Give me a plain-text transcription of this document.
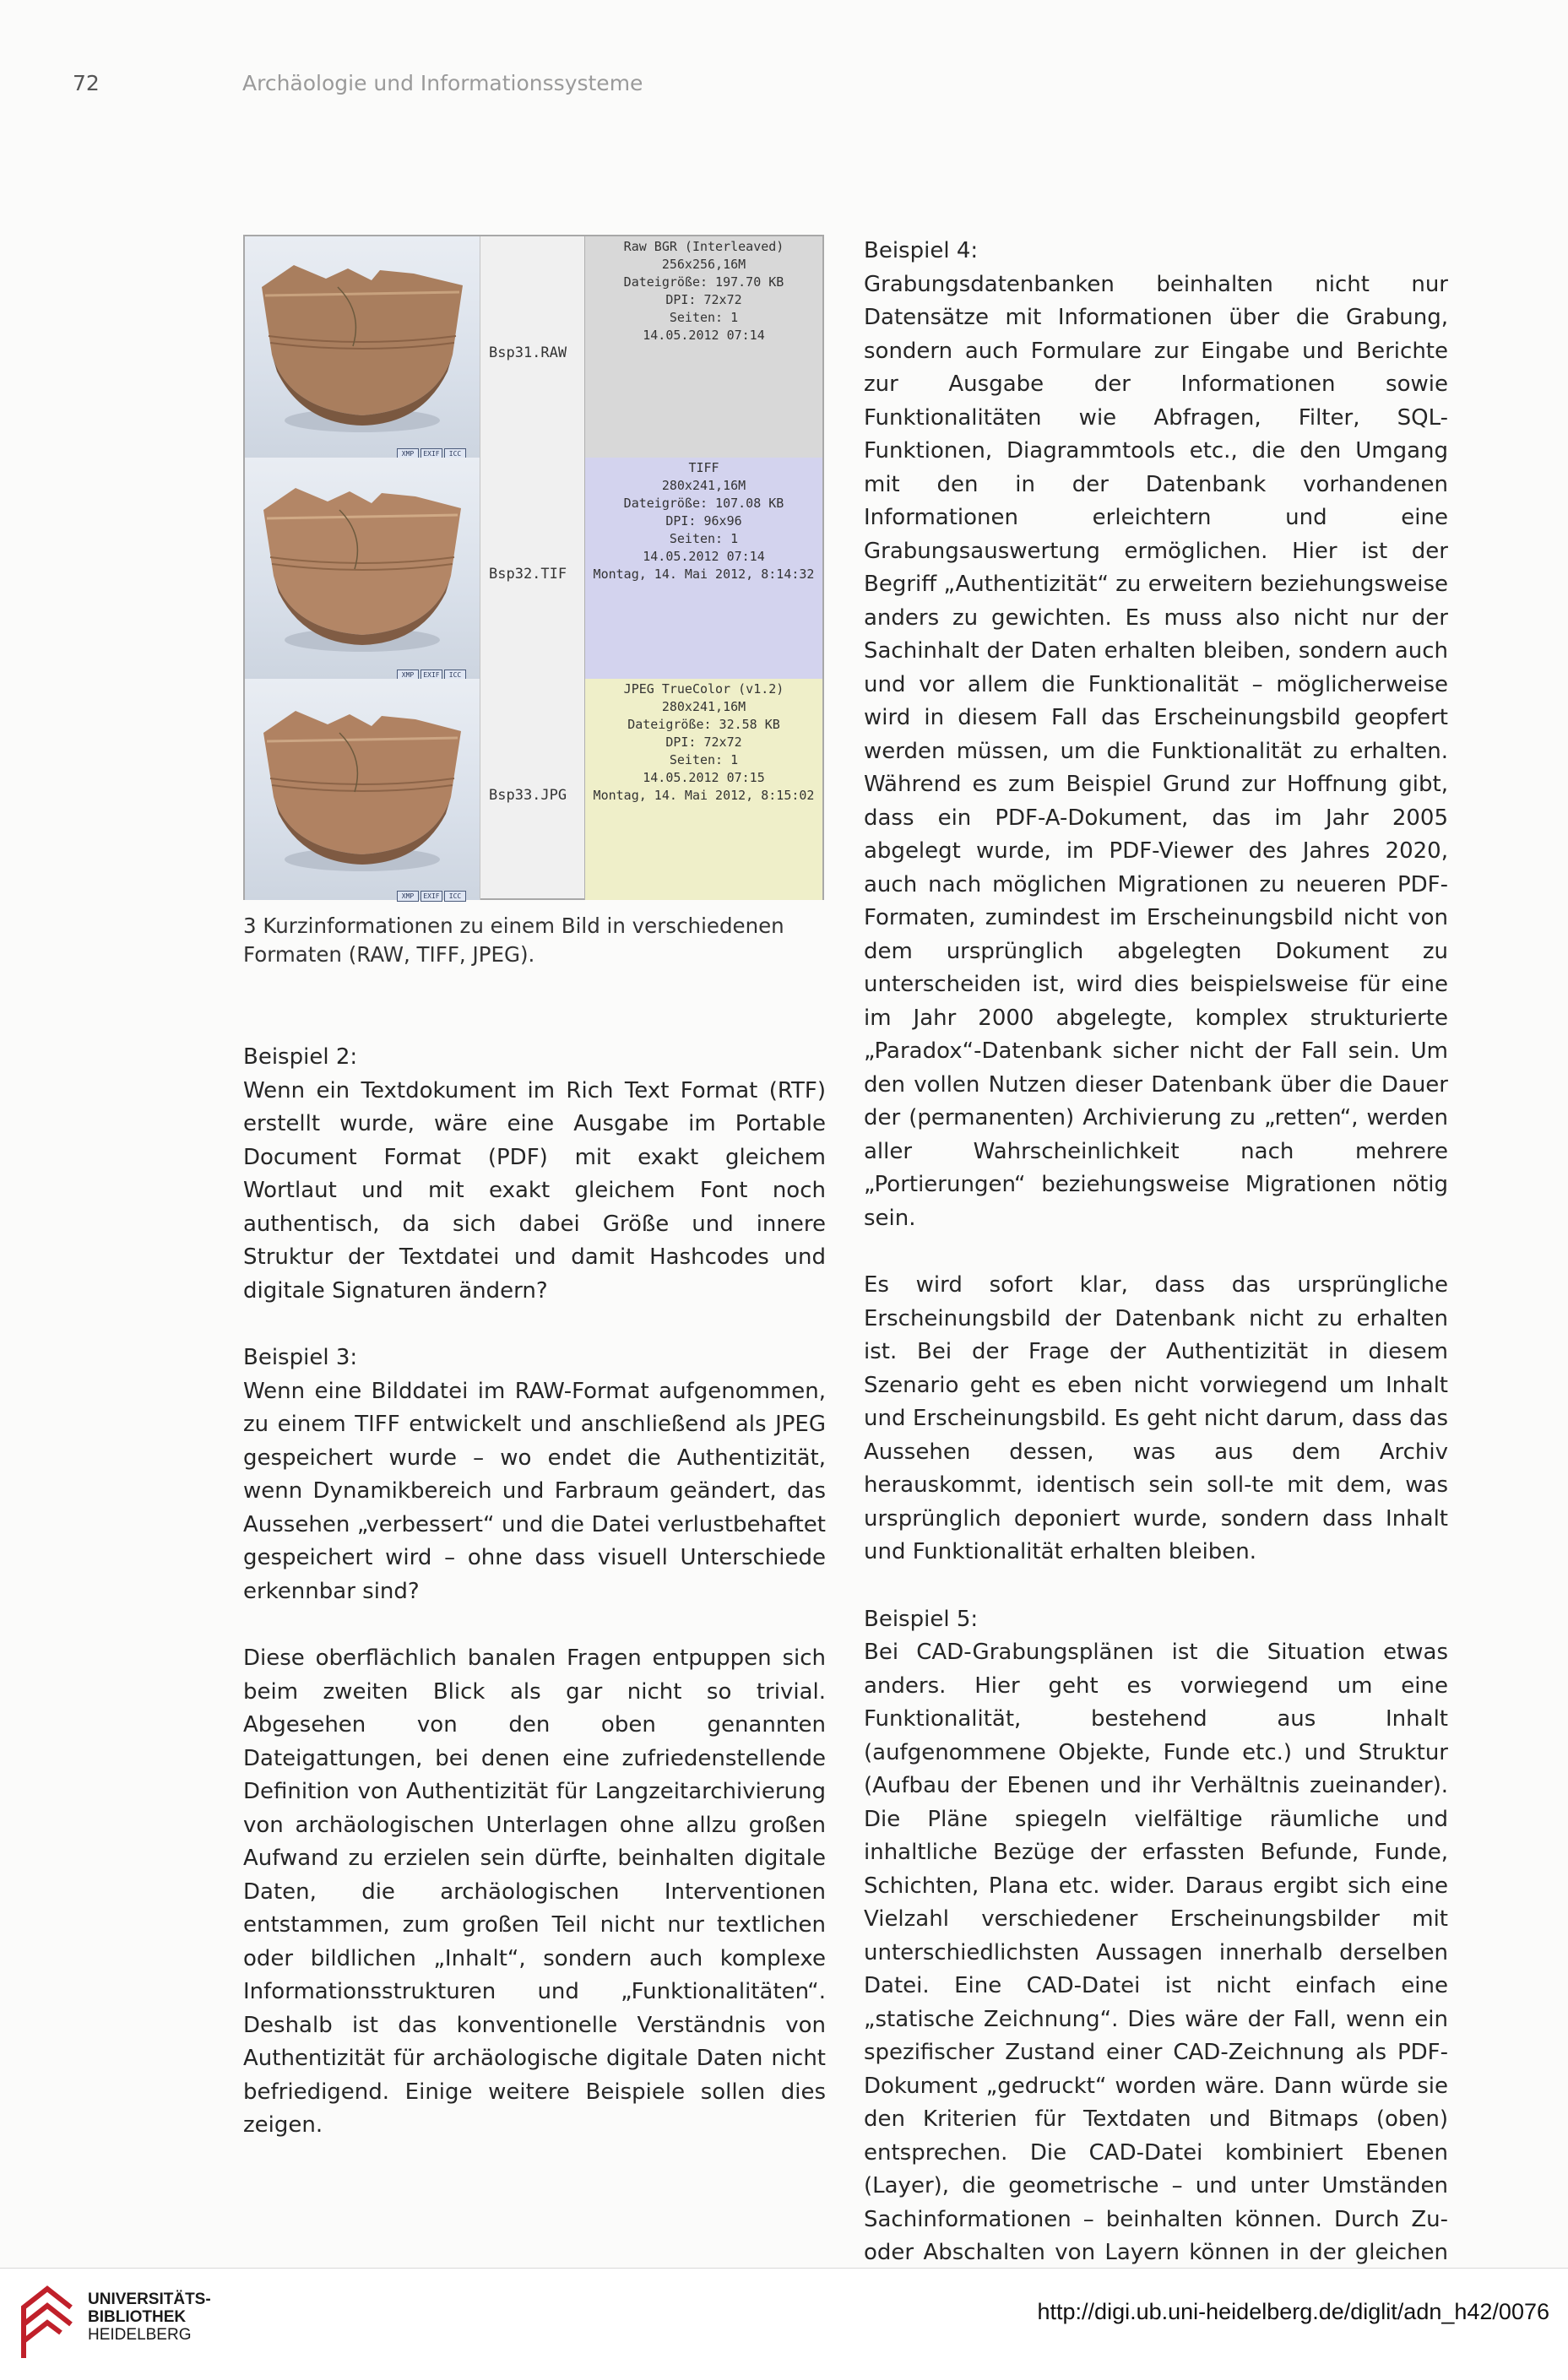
72	Archäologie und Informationssysteme
XMP EXIF ICC
Bsp31.RAW
Raw BGR (Interleaved)
256x256,16M
Dateigröße: 197.70 KB
DPI: 72x72
Seiten: 1
14.05.2012 07:14
XMP EXIF ICC
Bsp32.TIF
TIFF
280x241,16M
Dateigröße: 107.08 KB
DPI: 96x96
Seiten: 1
14.05.2012 07:14
Montag, 14. Mai 2012, 8:14:32
XMP EXIF ICC
Bsp33.JPG
JPEG TrueColor (v1.2)
280x241,16M
Dateigröße: 32.58 KB
DPI: 72x72
Seiten: 1
14.05.2012 07:15
Montag, 14. Mai 2012, 8:15:02
3 Kurzinformationen zu einem Bild in verschiedenen Formaten (RAW, TIFF, JPEG).

Beispiel 2:
Wenn ein Textdokument im Rich Text Format (RTF) erstellt wurde, wäre eine Ausgabe im Portable Document Format (PDF) mit exakt gleichem Wortlaut und mit exakt gleichem Font noch authentisch, da sich dabei Größe und innere Struktur der Textdatei und damit Hashcodes und digitale Signaturen ändern?

Beispiel 3:
Wenn eine Bilddatei im RAW-Format aufgenommen, zu einem TIFF entwickelt und anschließend als JPEG gespeichert wurde – wo endet die Authentizität, wenn Dynamikbereich und Farbraum geändert, das Aussehen „verbessert“ und die Datei verlustbehaftet gespeichert wird – ohne dass visuell Unterschiede erkennbar sind?

Diese oberflächlich banalen Fragen entpuppen sich beim zweiten Blick als gar nicht so trivial. Abgesehen von den oben genannten Dateigattungen, bei denen eine zufriedenstellende Definition von Authentizität für Langzeitarchivierung von archäologischen Unterlagen ohne allzu großen Aufwand zu erzielen sein dürfte, beinhalten digitale Daten, die archäologischen Interventionen entstammen, zum großen Teil nicht nur textlichen oder bildlichen „Inhalt“, sondern auch komplexe Informationsstrukturen und „Funktionalitäten“. Deshalb ist das konventionelle Verständnis von Authentizität für archäologische digitale Daten nicht befriedigend. Einige weitere Beispiele sollen dies zeigen.

Beispiel 4:
Grabungsdatenbanken beinhalten nicht nur Datensätze mit Informationen über die Grabung, sondern auch Formulare zur Eingabe und Berichte zur Ausgabe der Informationen sowie Funktionalitäten wie Abfragen, Filter, SQL-Funktionen, Diagrammtools etc., die den Umgang mit den in der Datenbank vorhandenen Informationen erleichtern und eine Grabungsauswertung ermöglichen. Hier ist der Begriff „Authentizität“ zu erweitern beziehungsweise anders zu gewichten. Es muss also nicht nur der Sachinhalt der Daten erhalten bleiben, sondern auch und vor allem die Funktionalität – möglicherweise wird in diesem Fall das Erscheinungsbild geopfert werden müssen, um die Funktionalität zu erhalten. Während es zum Beispiel Grund zur Hoffnung gibt, dass ein PDF-A-Dokument, das im Jahr 2005 abgelegt wurde, im PDF-Viewer des Jahres 2020, auch nach möglichen Migrationen zu neueren PDF-Formaten, zumindest im Erscheinungsbild nicht von dem ursprünglich abgelegten Dokument zu unterscheiden ist, wird dies beispielsweise für eine im Jahr 2000 abgelegte, komplex strukturierte „Paradox“-Datenbank sicher nicht der Fall sein. Um den vollen Nutzen dieser Datenbank über die Dauer der (permanenten) Archivierung zu „retten“, werden aller Wahrscheinlichkeit nach mehrere „Portierungen“ beziehungsweise Migrationen nötig sein.

Es wird sofort klar, dass das ursprüngliche Erscheinungsbild der Datenbank nicht zu erhalten ist. Bei der Frage der Authentizität in diesem Szenario geht es eben nicht vorwiegend um Inhalt und Erscheinungsbild. Es geht nicht darum, dass das Aussehen dessen, was aus dem Archiv herauskommt, identisch sein soll-te mit dem, was ursprünglich deponiert wurde, sondern dass Inhalt und Funktionalität erhalten bleiben.

Beispiel 5:
Bei CAD-Grabungsplänen ist die Situation etwas anders. Hier geht es vorwiegend um eine Funktionalität, bestehend aus Inhalt (aufgenommene Objekte, Funde etc.) und Struktur (Aufbau der Ebenen und ihr Verhältnis zueinander). Die Pläne spiegeln vielfältige räumliche und inhaltliche Bezüge der erfassten Befunde, Funde, Schichten, Plana etc. wider. Daraus ergibt sich eine Vielzahl verschiedener Erscheinungsbilder mit unterschiedlichsten Aussagen innerhalb derselben Datei. Eine CAD-Datei ist nicht einfach eine „statische Zeichnung“. Dies wäre der Fall, wenn ein spezifischer Zustand einer CAD-Zeichnung als PDF-Dokument „gedruckt“ worden wäre. Dann würde sie den Kriterien für Textdaten und Bitmaps (oben) entsprechen. Die CAD-Datei kombiniert Ebenen (Layer), die geometrische – und unter Umständen Sachinformationen – beinhalten können. Durch Zu- oder Abschalten von Layern können in der gleichen

UNIVERSITÄTS-
BIBLIOTHEK
HEIDELBERG
http://digi.ub.uni-heidelberg.de/diglit/adn_h42/0076
